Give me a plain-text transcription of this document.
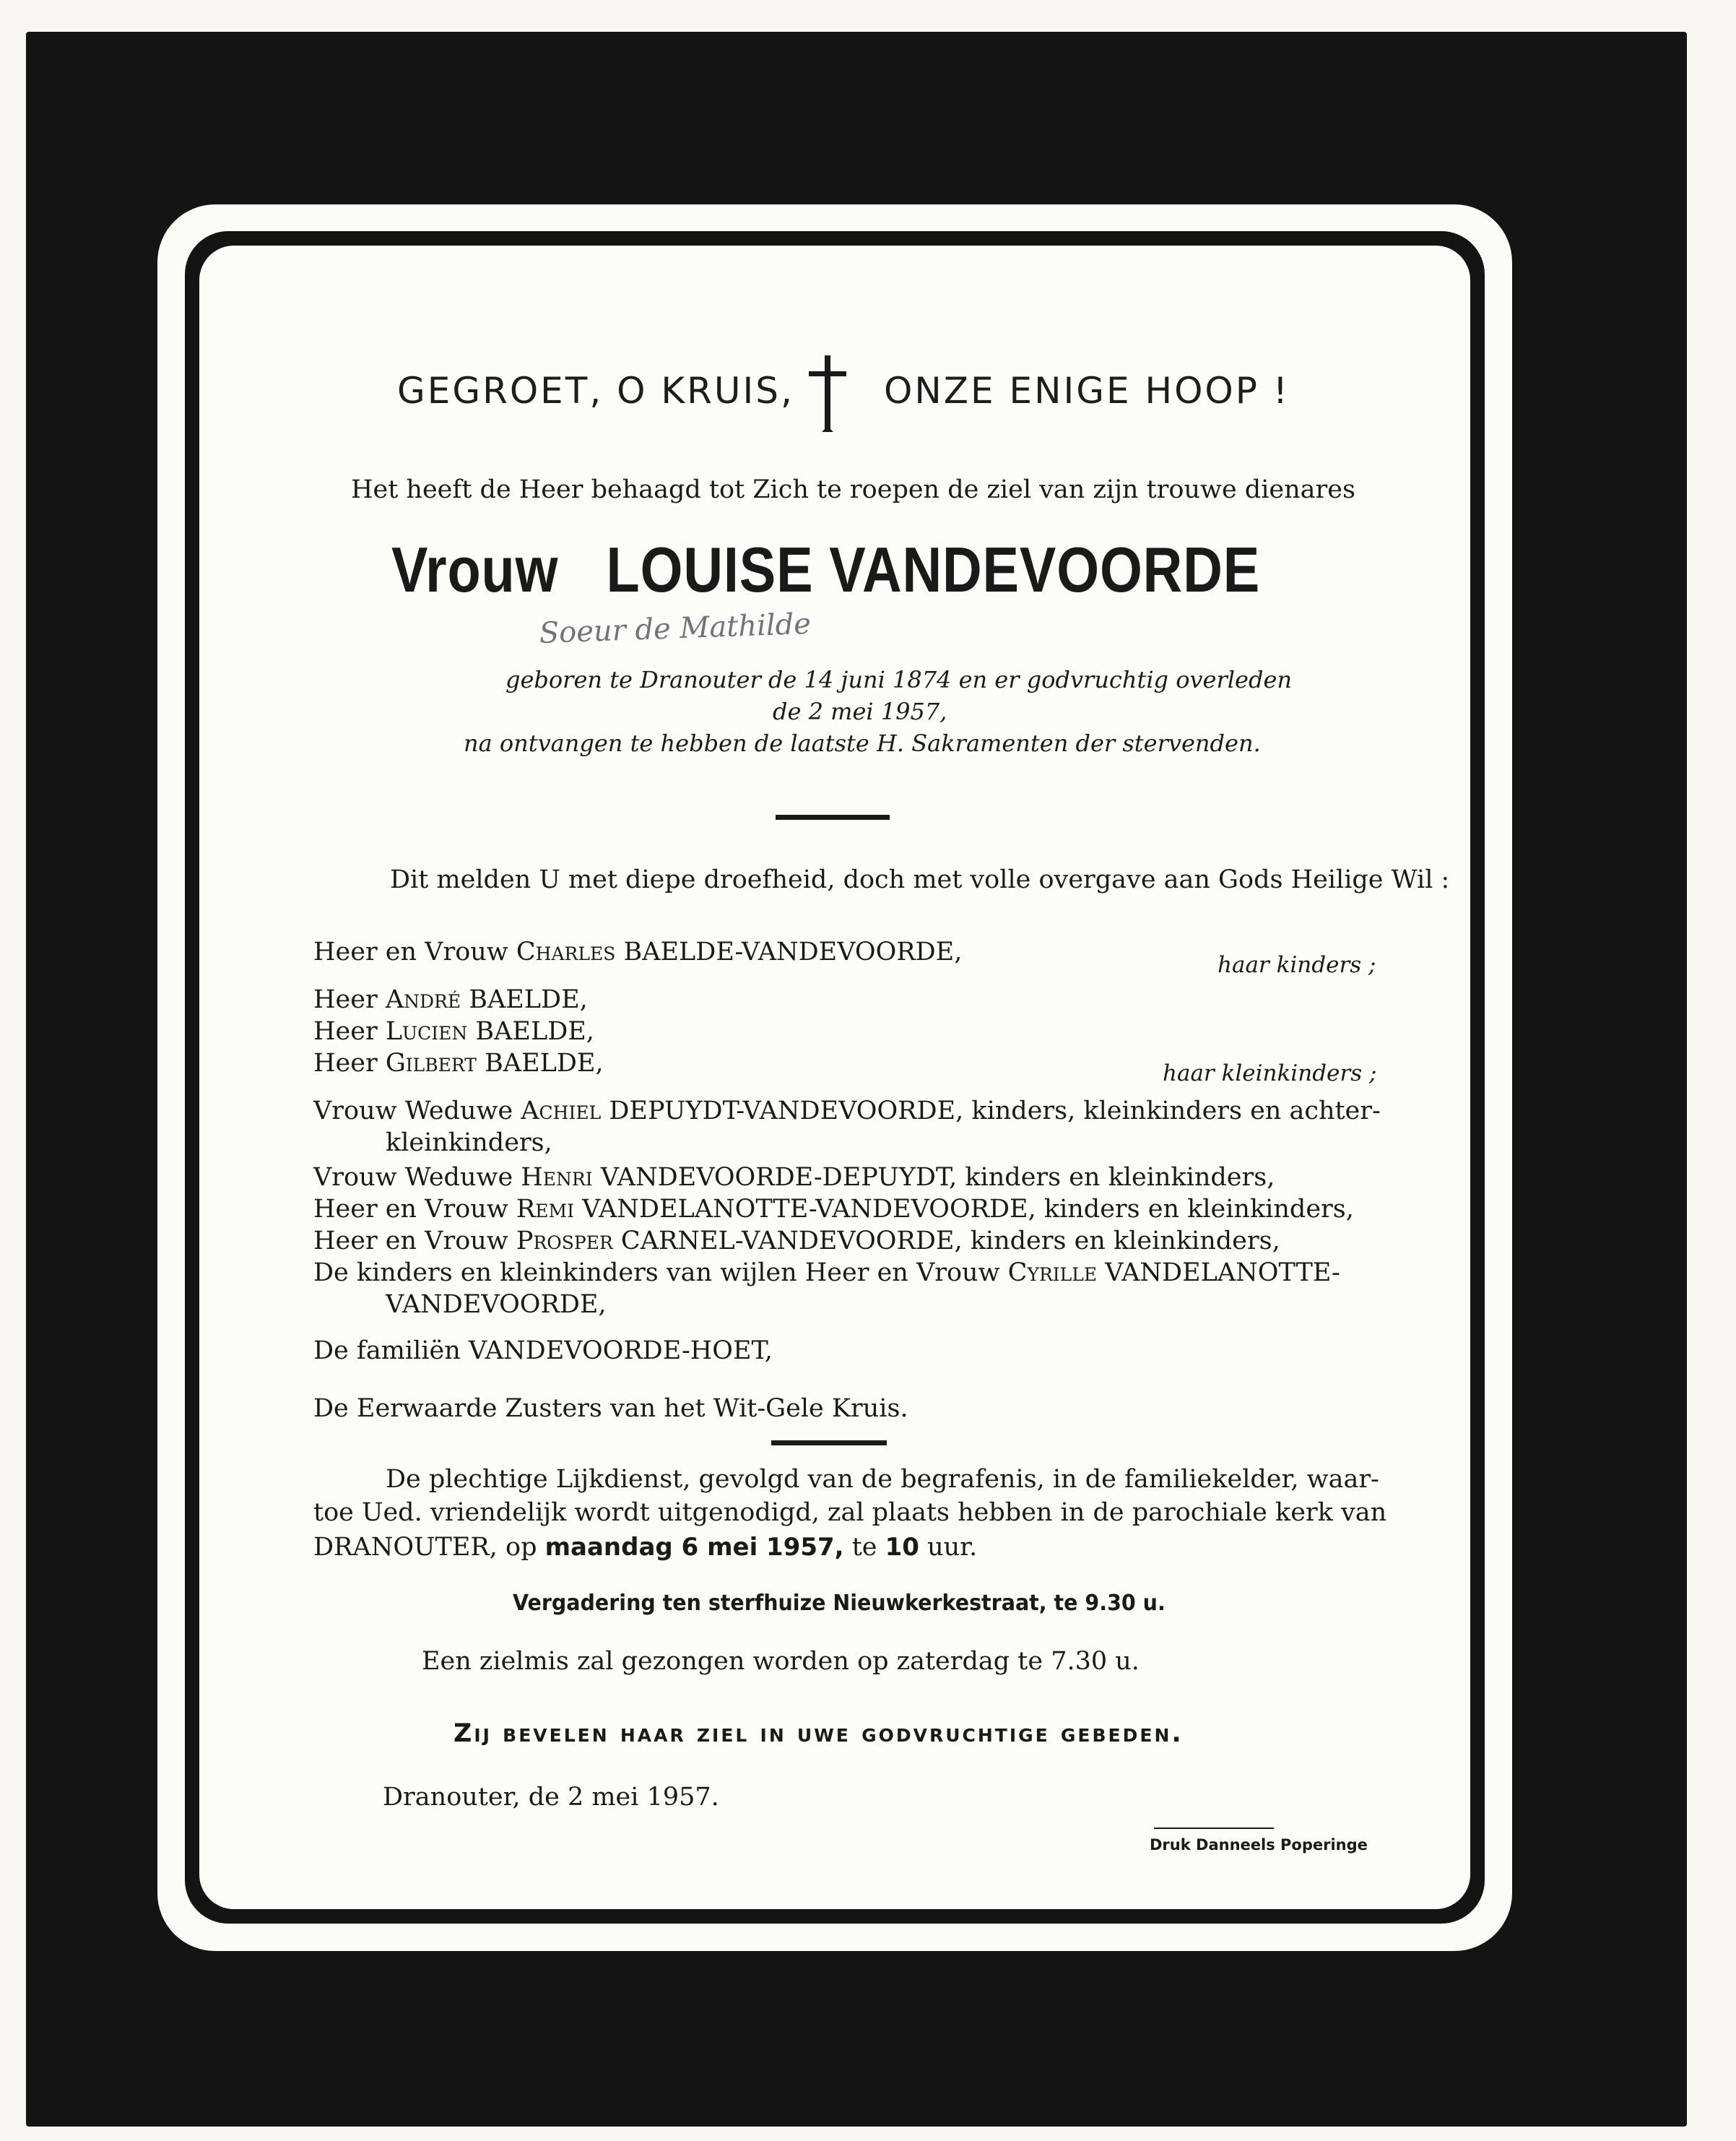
GEGROET, O KRUIS, ONZE ENIGE HOOP !
Het heeft de Heer behaagd tot Zich te roepen de ziel van zijn trouwe dienares
Vrouw LOUISE VANDEVOORDE
Soeur de Mathilde
geboren te Dranouter de 14 juni 1874 en er godvruchtig overleden
de 2 mei 1957,
na ontvangen te hebben de laatste H. Sakramenten der stervenden.
Dit melden U met diepe droefheid, doch met volle overgave aan Gods Heilige Wil :
Heer en Vrouw Charles BAELDE-VANDEVOORDE,	haar kinders ;
Heer André BAELDE,
Heer Lucien BAELDE,
Heer Gilbert BAELDE,	haar kleinkinders ;
Vrouw Weduwe Achiel DEPUYDT-VANDEVOORDE, kinders, kleinkinders en achter-
kleinkinders,
Vrouw Weduwe Henri VANDEVOORDE-DEPUYDT, kinders en kleinkinders,
Heer en Vrouw Remi VANDELANOTTE-VANDEVOORDE, kinders en kleinkinders,
Heer en Vrouw Prosper CARNEL-VANDEVOORDE, kinders en kleinkinders,
De kinders en kleinkinders van wijlen Heer en Vrouw Cyrille VANDELANOTTE-
VANDEVOORDE,
De familiën VANDEVOORDE-HOET,
De Eerwaarde Zusters van het Wit-Gele Kruis.
De plechtige Lijkdienst, gevolgd van de begrafenis, in de familiekelder, waar-
toe Ued. vriendelijk wordt uitgenodigd, zal plaats hebben in de parochiale kerk van
DRANOUTER, op maandag 6 mei 1957, te 10 uur.
Vergadering ten sterfhuize Nieuwkerkestraat, te 9.30 u.
Een zielmis zal gezongen worden op zaterdag te 7.30 u.
Zij bevelen haar ziel in uwe godvruchtige gebeden.
Dranouter, de 2 mei 1957.
Druk Danneels Poperinge
